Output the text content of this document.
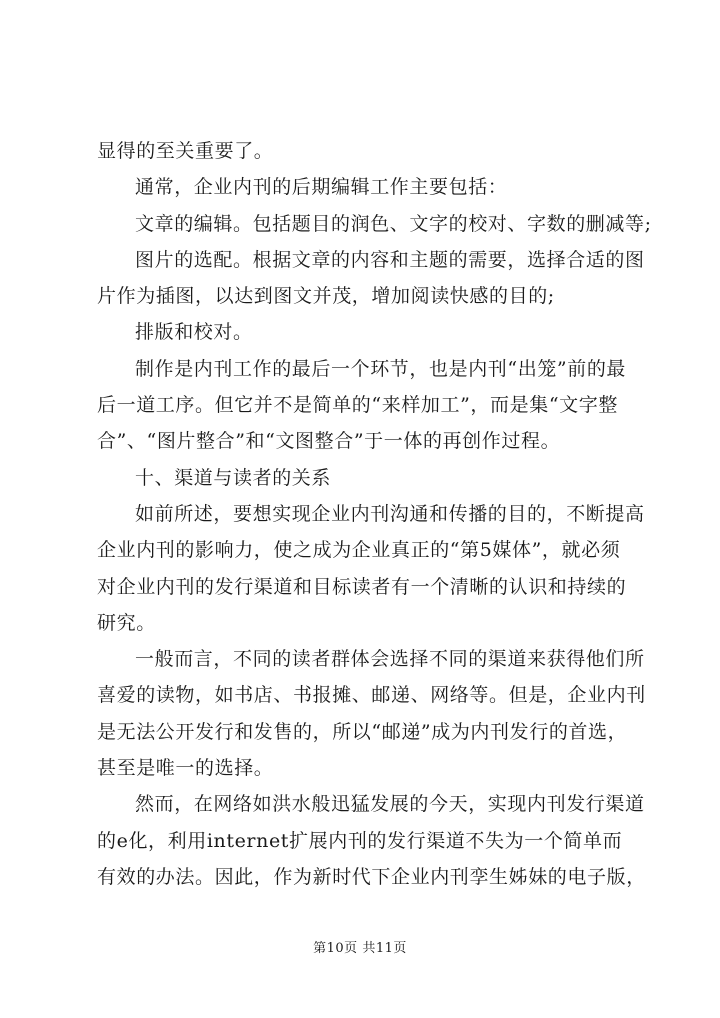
显得的至关重要了。
通常，企业内刊的后期编辑工作主要包括：
文章的编辑。包括题目的润色、文字的校对、字数的删减等;
图片的选配。根据文章的内容和主题的需要，选择合适的图
片作为插图，以达到图文并茂，增加阅读快感的目的;
排版和校对。
制作是内刊工作的最后一个环节，也是内刊“出笼”前的最
后一道工序。但它并不是简单的“来样加工”，而是集“文字整
合”、“图片整合”和“文图整合”于一体的再创作过程。
十、渠道与读者的关系
如前所述，要想实现企业内刊沟通和传播的目的，不断提高
企业内刊的影响力，使之成为企业真正的“第5媒体”，就必须
对企业内刊的发行渠道和目标读者有一个清晰的认识和持续的
研究。
一般而言，不同的读者群体会选择不同的渠道来获得他们所
喜爱的读物，如书店、书报摊、邮递、网络等。但是，企业内刊
是无法公开发行和发售的，所以“邮递”成为内刊发行的首选，
甚至是唯一的选择。
然而，在网络如洪水般迅猛发展的今天，实现内刊发行渠道
的e化，利用internet扩展内刊的发行渠道不失为一个简单而
有效的办法。因此，作为新时代下企业内刊孪生姊妹的电子版，
第10页 共11页
